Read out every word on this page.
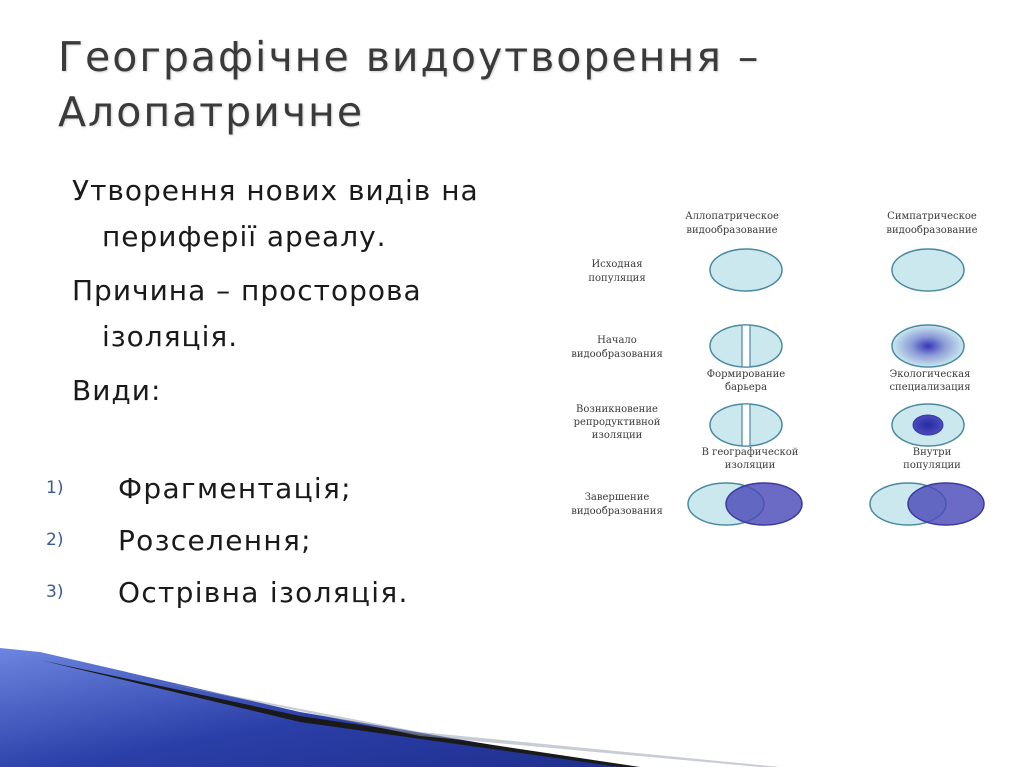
Географічне видоутворення – Алопатричне

Утворення нових видів на периферії ареалу.

Причина – просторова ізоляція.

Види:

1)	Фрагментація;
2)	Розселення;
3)	Острівна ізоляція.
Аллопатрическое
видообразование
Симпатрическое
видообразование
Исходная
популяция
Начало
видообразования
Возникновение
репродуктивной
изоляции
Завершение
видообразования
Формирование
барьера
Экологическая
специализация
В географической
изоляции
Внутри
популяции
